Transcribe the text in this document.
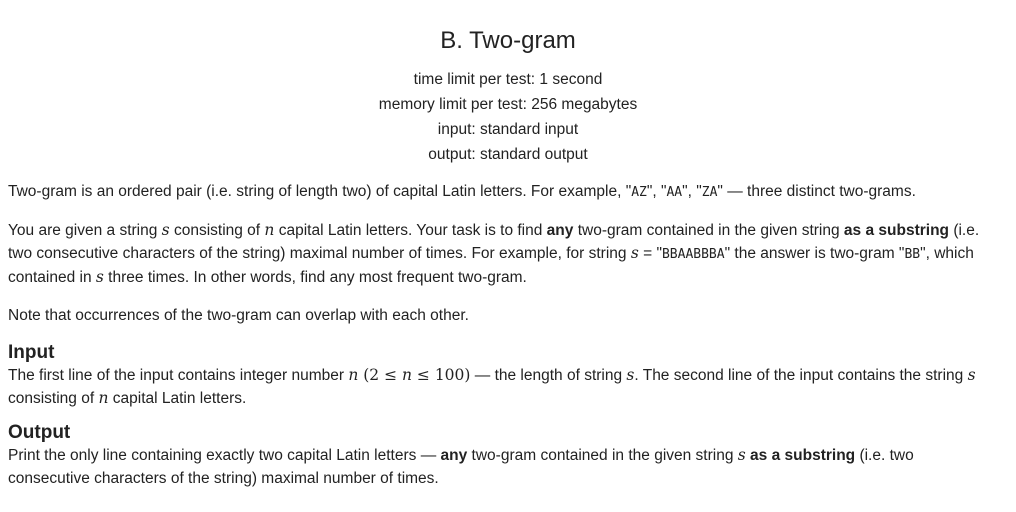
B. Two-gram
time limit per test: 1 second
memory limit per test: 256 megabytes
input: standard input
output: standard output

Two-gram is an ordered pair (i.e. string of length two) of capital Latin letters. For example, "AZ", "AA", "ZA" — three distinct two-grams.

You are given a string s consisting of n capital Latin letters. Your task is to find any two-gram contained in the given string as a substring (i.e. two consecutive characters of the string) maximal number of times. For example, for string s = "BBAABBBA" the answer is two-gram "BB", which contained in s three times. In other words, find any most frequent two-gram.

Note that occurrences of the two-gram can overlap with each other.

Input
The first line of the input contains integer number n (2 ≤ n ≤ 100) — the length of string s. The second line of the input contains the string s consisting of n capital Latin letters.
Output
Print the only line containing exactly two capital Latin letters — any two-gram contained in the given string s as a substring (i.e. two consecutive characters of the string) maximal number of times.
